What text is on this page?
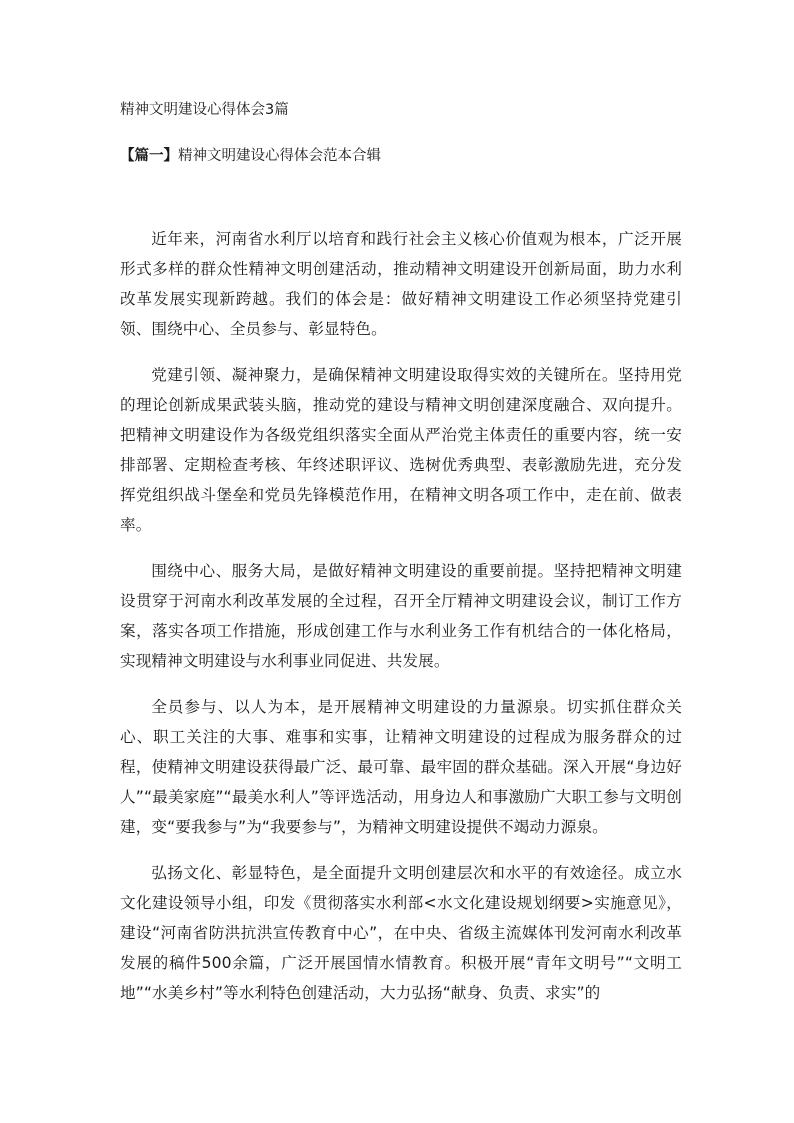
精神文明建设心得体会3篇
【篇一】精神文明建设心得体会范本合辑

近年来，河南省水利厅以培育和践行社会主义核心价值观为根本，广泛开展形式多样的群众性精神文明创建活动，推动精神文明建设开创新局面，助力水利改革发展实现新跨越。我们的体会是：做好精神文明建设工作必须坚持党建引领、围绕中心、全员参与、彰显特色。

党建引领、凝神聚力，是确保精神文明建设取得实效的关键所在。坚持用党的理论创新成果武装头脑，推动党的建设与精神文明创建深度融合、双向提升。把精神文明建设作为各级党组织落实全面从严治党主体责任的重要内容，统一安排部署、定期检查考核、年终述职评议、选树优秀典型、表彰激励先进，充分发挥党组织战斗堡垒和党员先锋模范作用，在精神文明各项工作中，走在前、做表率。

围绕中心、服务大局，是做好精神文明建设的重要前提。坚持把精神文明建设贯穿于河南水利改革发展的全过程，召开全厅精神文明建设会议，制订工作方案，落实各项工作措施，形成创建工作与水利业务工作有机结合的一体化格局，实现精神文明建设与水利事业同促进、共发展。

全员参与、以人为本，是开展精神文明建设的力量源泉。切实抓住群众关心、职工关注的大事、难事和实事，让精神文明建设的过程成为服务群众的过程，使精神文明建设获得最广泛、最可靠、最牢固的群众基础。深入开展“身边好人”“最美家庭”“最美水利人”等评选活动，用身边人和事激励广大职工参与文明创建，变“要我参与”为“我要参与”，为精神文明建设提供不竭动力源泉。

弘扬文化、彰显特色，是全面提升文明创建层次和水平的有效途径。成立水文化建设领导小组，印发《贯彻落实水利部<水文化建设规划纲要>实施意见》，建设“河南省防洪抗洪宣传教育中心”，在中央、省级主流媒体刊发河南水利改革发展的稿件500余篇，广泛开展国情水情教育。积极开展“青年文明号”“文明工地”“水美乡村”等水利特色创建活动，大力弘扬“献身、负责、求实”的
